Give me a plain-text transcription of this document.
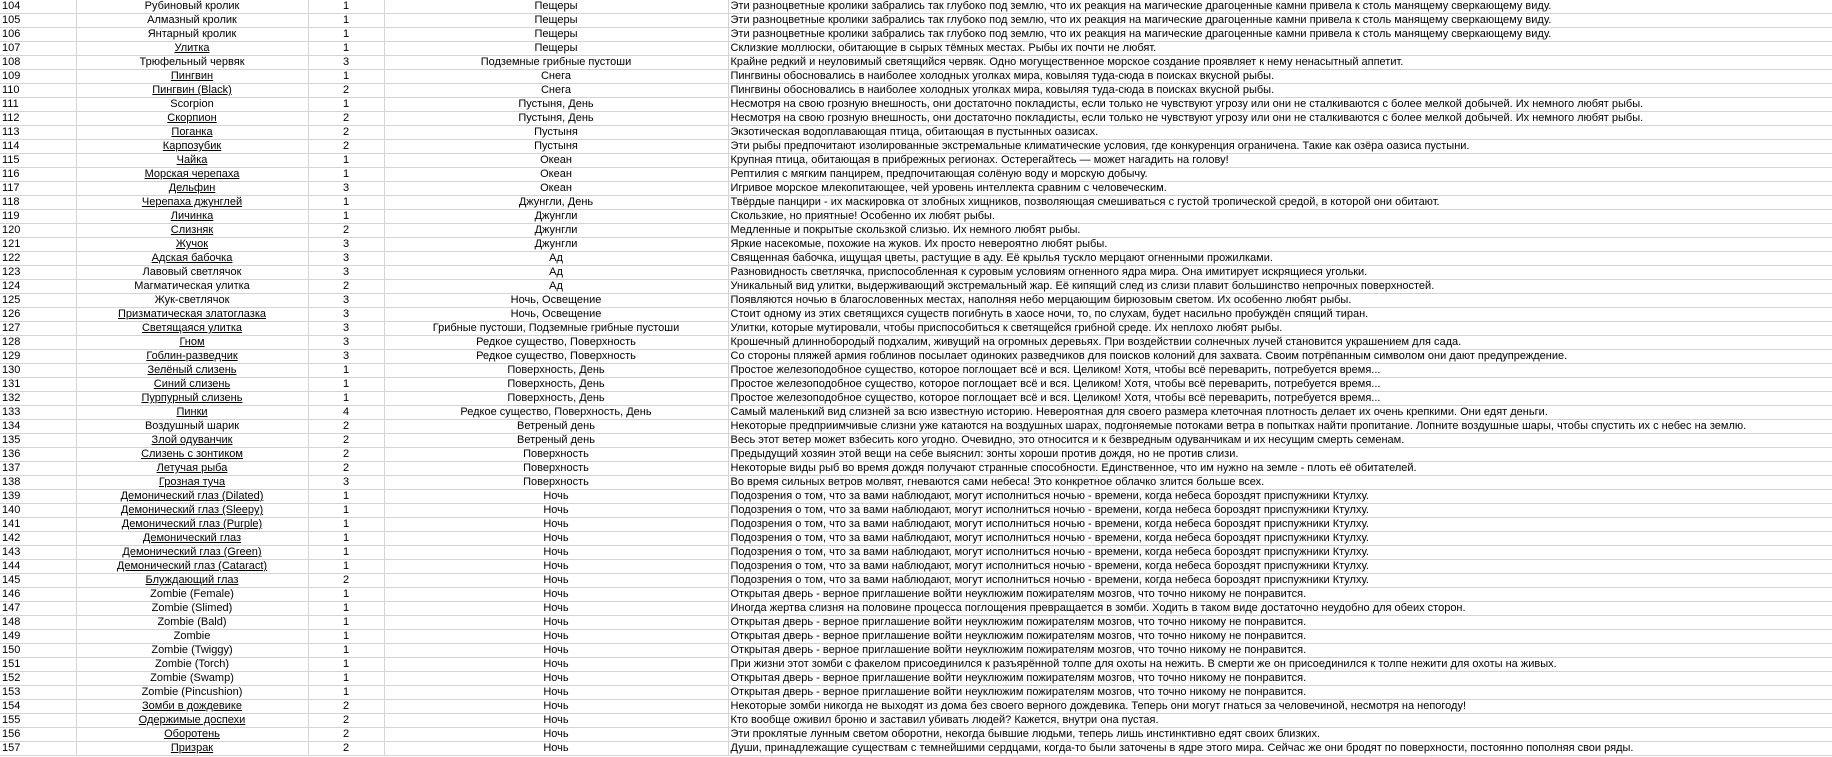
104	Рубиновый кролик	1	Пещеры	Эти разноцветные кролики забрались так глубоко под землю, что их реакция на магические драгоценные камни привела к столь манящему сверкающему виду.
105	Алмазный кролик	1	Пещеры	Эти разноцветные кролики забрались так глубоко под землю, что их реакция на магические драгоценные камни привела к столь манящему сверкающему виду.
106	Янтарный кролик	1	Пещеры	Эти разноцветные кролики забрались так глубоко под землю, что их реакция на магические драгоценные камни привела к столь манящему сверкающему виду.
107	Улитка	1	Пещеры	Склизкие моллюски, обитающие в сырых тёмных местах. Рыбы их почти не любят.
108	Трюфельный червяк	3	Подземные грибные пустоши	Крайне редкий и неуловимый светящийся червяк. Одно могущественное морское создание проявляет к нему ненасытный аппетит.
109	Пингвин	1	Снега	Пингвины обосновались в наиболее холодных уголках мира, ковыляя туда-сюда в поисках вкусной рыбы.
110	Пингвин (Black)	2	Снега	Пингвины обосновались в наиболее холодных уголках мира, ковыляя туда-сюда в поисках вкусной рыбы.
111	Scorpion	1	Пустыня, День	Несмотря на свою грозную внешность, они достаточно покладисты, если только не чувствуют угрозу или они не сталкиваются с более мелкой добычей. Их немного любят рыбы.
112	Скорпион	2	Пустыня, День	Несмотря на свою грозную внешность, они достаточно покладисты, если только не чувствуют угрозу или они не сталкиваются с более мелкой добычей. Их немного любят рыбы.
113	Поганка	2	Пустыня	Экзотическая водоплавающая птица, обитающая в пустынных оазисах.
114	Карпозубик	2	Пустыня	Эти рыбы предпочитают изолированные экстремальные климатические условия, где конкуренция ограничена. Такие как озёра оазиса пустыни.
115	Чайка	1	Океан	Крупная птица, обитающая в прибрежных регионах. Остерегайтесь — может нагадить на голову!
116	Морская черепаха	1	Океан	Рептилия с мягким панцирем, предпочитающая солёную воду и морскую добычу.
117	Дельфин	3	Океан	Игривое морское млекопитающее, чей уровень интеллекта сравним с человеческим.
118	Черепаха джунглей	1	Джунгли, День	Твёрдые панцири - их маскировка от злобных хищников, позволяющая смешиваться с густой тропической средой, в которой они обитают.
119	Личинка	1	Джунгли	Скользкие, но приятные! Особенно их любят рыбы.
120	Слизняк	2	Джунгли	Медленные и покрытые скользкой слизью. Их немного любят рыбы.
121	Жучок	3	Джунгли	Яркие насекомые, похожие на жуков. Их просто невероятно любят рыбы.
122	Адская бабочка	3	Ад	Священная бабочка, ищущая цветы, растущие в аду. Её крылья тускло мерцают огненными прожилками.
123	Лавовый светлячок	3	Ад	Разновидность светлячка, приспособленная к суровым условиям огненного ядра мира. Она имитирует искрящиеся угольки.
124	Магматическая улитка	2	Ад	Уникальный вид улитки, выдерживающий экстремальный жар. Её кипящий след из слизи плавит большинство непрочных поверхностей.
125	Жук-светлячок	3	Ночь, Освещение	Появляются ночью в благословенных местах, наполняя небо мерцающим бирюзовым светом. Их особенно любят рыбы.
126	Призматическая златоглазка	3	Ночь, Освещение	Стоит одному из этих светящихся существ погибнуть в хаосе ночи, то, по слухам, будет насильно пробуждён спящий тиран.
127	Светящаяся улитка	3	Грибные пустоши, Подземные грибные пустоши	Улитки, которые мутировали, чтобы приспособиться к светящейся грибной среде. Их неплохо любят рыбы.
128	Гном	3	Редкое существо, Поверхность	Крошечный длиннобородый подхалим, живущий на огромных деревьях. При воздействии солнечных лучей становится украшением для сада.
129	Гоблин-разведчик	3	Редкое существо, Поверхность	Со стороны пляжей армия гоблинов посылает одиноких разведчиков для поисков колоний для захвата. Своим потрёпанным символом они дают предупреждение.
130	Зелёный слизень	1	Поверхность, День	Простое железоподобное существо, которое поглощает всё и вся. Целиком! Хотя, чтобы всё переварить, потребуется время...
131	Синий слизень	1	Поверхность, День	Простое железоподобное существо, которое поглощает всё и вся. Целиком! Хотя, чтобы всё переварить, потребуется время...
132	Пурпурный слизень	1	Поверхность, День	Простое железоподобное существо, которое поглощает всё и вся. Целиком! Хотя, чтобы всё переварить, потребуется время...
133	Пинки	4	Редкое существо, Поверхность, День	Самый маленький вид слизней за всю известную историю. Невероятная для своего размера клеточная плотность делает их очень крепкими. Они едят деньги.
134	Воздушный шарик	2	Ветреный день	Некоторые предприимчивые слизни уже катаются на воздушных шарах, подгоняемые потоками ветра в попытках найти пропитание. Лопните воздушные шары, чтобы спустить их с небес на землю.
135	Злой одуванчик	2	Ветреный день	Весь этот ветер может взбесить кого угодно. Очевидно, это относится и к безвредным одуванчикам и их несущим смерть семенам.
136	Слизень с зонтиком	2	Поверхность	Предыдущий хозяин этой вещи на себе выяснил: зонты хороши против дождя, но не против слизи.
137	Летучая рыба	2	Поверхность	Некоторые виды рыб во время дождя получают странные способности. Единственное, что им нужно на земле - плоть её обитателей.
138	Грозная туча	3	Поверхность	Во время сильных ветров молвят, гневаются сами небеса! Это конкретное облачко злится больше всех.
139	Демонический глаз (Dilated)	1	Ночь	Подозрения о том, что за вами наблюдают, могут исполниться ночью - времени, когда небеса бороздят приспужники Ктулху.
140	Демонический глаз (Sleepy)	1	Ночь	Подозрения о том, что за вами наблюдают, могут исполниться ночью - времени, когда небеса бороздят приспужники Ктулху.
141	Демонический глаз (Purple)	1	Ночь	Подозрения о том, что за вами наблюдают, могут исполниться ночью - времени, когда небеса бороздят приспужники Ктулху.
142	Демонический глаз	1	Ночь	Подозрения о том, что за вами наблюдают, могут исполниться ночью - времени, когда небеса бороздят приспужники Ктулху.
143	Демонический глаз (Green)	1	Ночь	Подозрения о том, что за вами наблюдают, могут исполниться ночью - времени, когда небеса бороздят приспужники Ктулху.
144	Демонический глаз (Cataract)	1	Ночь	Подозрения о том, что за вами наблюдают, могут исполниться ночью - времени, когда небеса бороздят приспужники Ктулху.
145	Блуждающий глаз	2	Ночь	Подозрения о том, что за вами наблюдают, могут исполниться ночью - времени, когда небеса бороздят приспужники Ктулху.
146	Zombie (Female)	1	Ночь	Открытая дверь - верное приглашение войти неуклюжим пожирателям мозгов, что точно никому не понравится.
147	Zombie (Slimed)	1	Ночь	Иногда жертва слизня на половине процесса поглощения превращается в зомби. Ходить в таком виде достаточно неудобно для обеих сторон.
148	Zombie (Bald)	1	Ночь	Открытая дверь - верное приглашение войти неуклюжим пожирателям мозгов, что точно никому не понравится.
149	Zombie	1	Ночь	Открытая дверь - верное приглашение войти неуклюжим пожирателям мозгов, что точно никому не понравится.
150	Zombie (Twiggy)	1	Ночь	Открытая дверь - верное приглашение войти неуклюжим пожирателям мозгов, что точно никому не понравится.
151	Zombie (Torch)	1	Ночь	При жизни этот зомби с факелом присоединился к разъярённой толпе для охоты на нежить. В смерти же он присоединился к толпе нежити для охоты на живых.
152	Zombie (Swamp)	1	Ночь	Открытая дверь - верное приглашение войти неуклюжим пожирателям мозгов, что точно никому не понравится.
153	Zombie (Pincushion)	1	Ночь	Открытая дверь - верное приглашение войти неуклюжим пожирателям мозгов, что точно никому не понравится.
154	Зомби в дождевике	2	Ночь	Некоторые зомби никогда не выходят из дома без своего верного дождевика. Теперь они могут гнаться за человечиной, несмотря на непогоду!
155	Одержимые доспехи	2	Ночь	Кто вообще оживил броню и заставил убивать людей? Кажется, внутри она пустая.
156	Оборотень	2	Ночь	Эти проклятые лунным светом оборотни, некогда бывшие людьми, теперь лишь инстинктивно едят своих близких.
157	Призрак	2	Ночь	Души, принадлежащие существам с темнейшими сердцами, когда-то были заточены в ядре этого мира. Сейчас же они бродят по поверхности, постоянно пополняя свои ряды.
